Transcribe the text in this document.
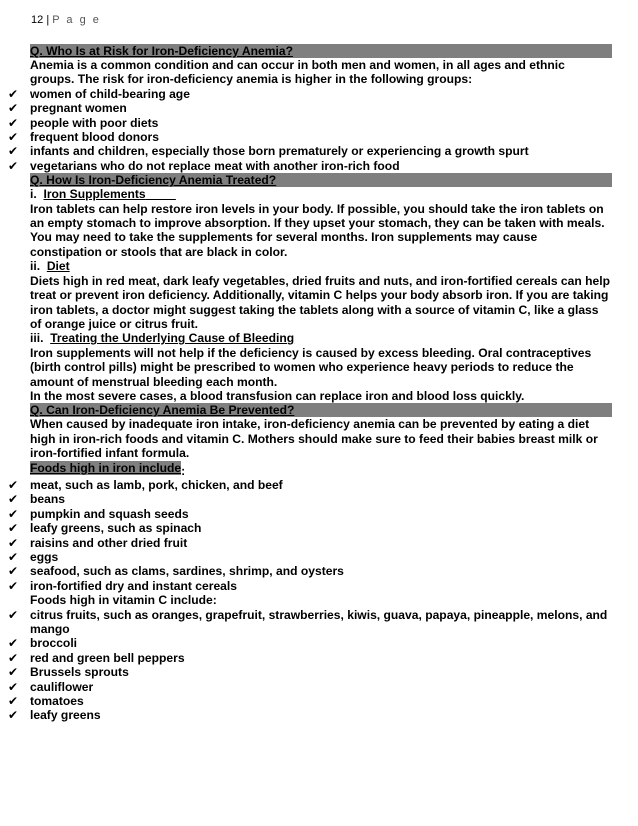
12 | P a g e
Q. Who Is at Risk for Iron-Deficiency Anemia?
Anemia is a common condition and can occur in both men and women, in all ages and ethnic groups. The risk for iron-deficiency anemia is higher in the following groups:
✔ women of child-bearing age
✔ pregnant women
✔ people with poor diets
✔ frequent blood donors
✔ infants and children, especially those born prematurely or experiencing a growth spurt
✔ vegetarians who do not replace meat with another iron-rich food
Q. How Is Iron-Deficiency Anemia Treated?
i. Iron Supplements
Iron tablets can help restore iron levels in your body. If possible, you should take the iron tablets on an empty stomach to improve absorption. If they upset your stomach, they can be taken with meals. You may need to take the supplements for several months. Iron supplements may cause constipation or stools that are black in color.
ii. Diet
Diets high in red meat, dark leafy vegetables, dried fruits and nuts, and iron-fortified cereals can help treat or prevent iron deficiency. Additionally, vitamin C helps your body absorb iron. If you are taking iron tablets, a doctor might suggest taking the tablets along with a source of vitamin C, like a glass of orange juice or citrus fruit.
iii. Treating the Underlying Cause of Bleeding
Iron supplements will not help if the deficiency is caused by excess bleeding. Oral contraceptives (birth control pills) might be prescribed to women who experience heavy periods to reduce the amount of menstrual bleeding each month.
In the most severe cases, a blood transfusion can replace iron and blood loss quickly.
Q. Can Iron-Deficiency Anemia Be Prevented?
When caused by inadequate iron intake, iron-deficiency anemia can be prevented by eating a diet high in iron-rich foods and vitamin C. Mothers should make sure to feed their babies breast milk or iron-fortified infant formula.
Foods high in iron include:
✔ meat, such as lamb, pork, chicken, and beef
✔ beans
✔ pumpkin and squash seeds
✔ leafy greens, such as spinach
✔ raisins and other dried fruit
✔ eggs
✔ seafood, such as clams, sardines, shrimp, and oysters
✔ iron-fortified dry and instant cereals
Foods high in vitamin C include:
✔ citrus fruits, such as oranges, grapefruit, strawberries, kiwis, guava, papaya, pineapple, melons, and mango
✔ broccoli
✔ red and green bell peppers
✔ Brussels sprouts
✔ cauliflower
✔ tomatoes
✔ leafy greens
